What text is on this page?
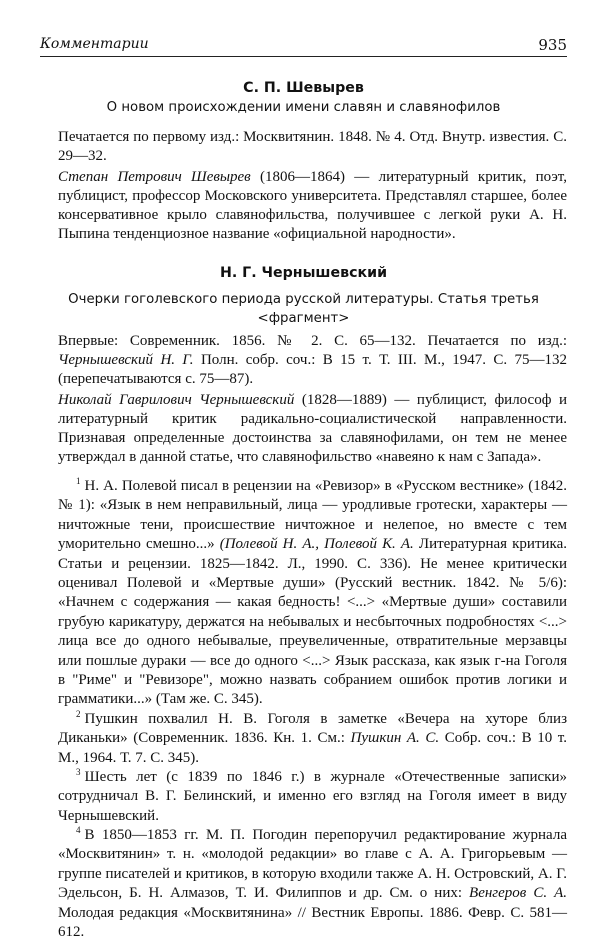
Комментарии	935
С. П. Шевырев
О новом происхождении имени славян и славянофилов

Печатается по первому изд.: Москвитянин. 1848. № 4. Отд. Внутр. известия. С. 29—32.

Степан Петрович Шевырев (1806—1864) — литературный критик, поэт, публицист, профессор Московского университета. Представлял старшее, более консервативное крыло славянофильства, получившее с легкой руки А. Н. Пыпина тенденциозное название «официальной народности».

Н. Г. Чернышевский
Очерки гоголевского периода русской литературы. Статья третья
<фрагмент>

Впервые: Современник. 1856. № 2. С. 65—132. Печатается по изд.: Чернышевский Н. Г. Полн. собр. соч.: В 15 т. Т. III. М., 1947. С. 75—132 (перепечатываются с. 75—87).

Николай Гаврилович Чернышевский (1828—1889) — публицист, философ и литературный критик радикально-социалистической направленности. Признавая определенные достоинства за славянофилами, он тем не менее утверждал в данной статье, что славянофильство «навеяно к нам с Запада».

$^1$ Н. А. Полевой писал в рецензии на «Ревизор» в «Русском вестнике» (1842. № 1): «Язык в нем неправильный, лица — уродливые гротески, характеры — ничтожные тени, происшествие ничтожное и нелепое, но вместе с тем уморительно смешно...» (Полевой Н. А., Полевой К. А. Литературная критика. Статьи и рецензии. 1825—1842. Л., 1990. С. 336). Не менее критически оценивал Полевой и «Мертвые души» (Русский вестник. 1842. № 5/6): «Начнем с содержания — какая бедность! <...> «Мертвые души» составили грубую карикатуру, держатся на небывалых и несбыточных подробностях <...> лица все до одного небывалые, преувеличенные, отвратительные мерзавцы или пошлые дураки — все до одного <...> Язык рассказа, как язык г-на Гоголя в "Риме" и "Ревизоре", можно назвать собранием ошибок против логики и грамматики...» (Там же. С. 345).

$^2$ Пушкин похвалил Н. В. Гоголя в заметке «Вечера на хуторе близ Диканьки» (Современник. 1836. Кн. 1. См.: Пушкин А. С. Собр. соч.: В 10 т. М., 1964. Т. 7. С. 345).

$^3$ Шесть лет (с 1839 по 1846 г.) в журнале «Отечественные записки» сотрудничал В. Г. Белинский, и именно его взгляд на Гоголя имеет в виду Чернышевский.

$^4$ В 1850—1853 гг. М. П. Погодин перепоручил редактирование журнала «Москвитянин» т. н. «молодой редакции» во главе с А. А. Григорьевым — группе писателей и критиков, в которую входили также А. Н. Островский, А. Г. Эдельсон, Б. Н. Алмазов, Т. И. Филиппов и др. См. о них: Венгеров С. А. Молодая редакция «Москвитянина» // Вестник Европы. 1886. Февр. С. 581—612.
